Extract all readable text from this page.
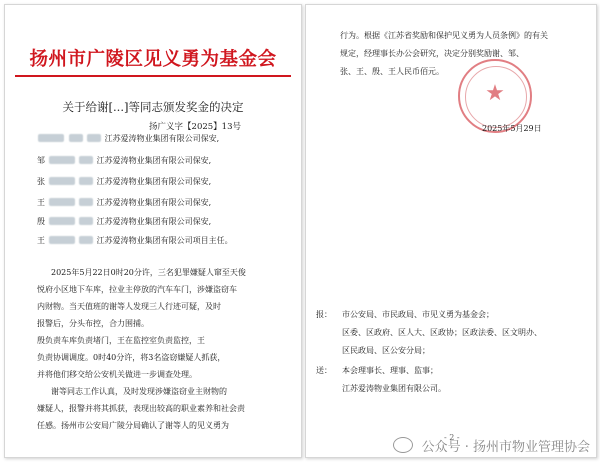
扬州市广陵区见义勇为基金会
关于给谢[...]等同志颁发奖金的决定
扬广义字【2025】13号
江苏爱涛物业集团有限公司保安,
邹	江苏爱涛物业集团有限公司保安,
张	江苏爱涛物业集团有限公司保安,
王	江苏爱涛物业集团有限公司保安,
殷	江苏爱涛物业集团有限公司保安,
王	江苏爱涛物业集团有限公司项目主任。
2025年5月22日0时20分许，三名犯罪嫌疑人窜至天俊
悦府小区地下车库，拉业主停放的汽车车门，涉嫌盗窃车
内财物。当天值班的谢等人发现三人行迹可疑，及时
报警后，分头布控，合力围捕。
殷负责车库负责堵门，王在监控室负责监控，王
负责协调调度。0时40分许，将3名盗窃嫌疑人抓获，
并将他们移交给公安机关做进一步调查处理。
谢等同志工作认真，及时发现涉嫌盗窃业主财物的
嫌疑人，报警并将其抓获，表现出较高的职业素养和社会责
任感。扬州市公安局广陵分局确认了谢等人的见义勇为
行为。根据《江苏省奖励和保护见义勇为人员条例》的有关
规定，经理事长办公会研究，决定分别奖励谢、邹、
张、王、殷、王人民币佰元。
★
2025年5月29日
报： 市公安局、市民政局、市见义勇为基金会；
区委、区政府、区人大、区政协；区政法委、区文明办、
区民政局、区公安分局；
送： 本会理事长、理事、监事；
江苏爱涛物业集团有限公司。
- 2 -
公众号 · 扬州市物业管理协会
